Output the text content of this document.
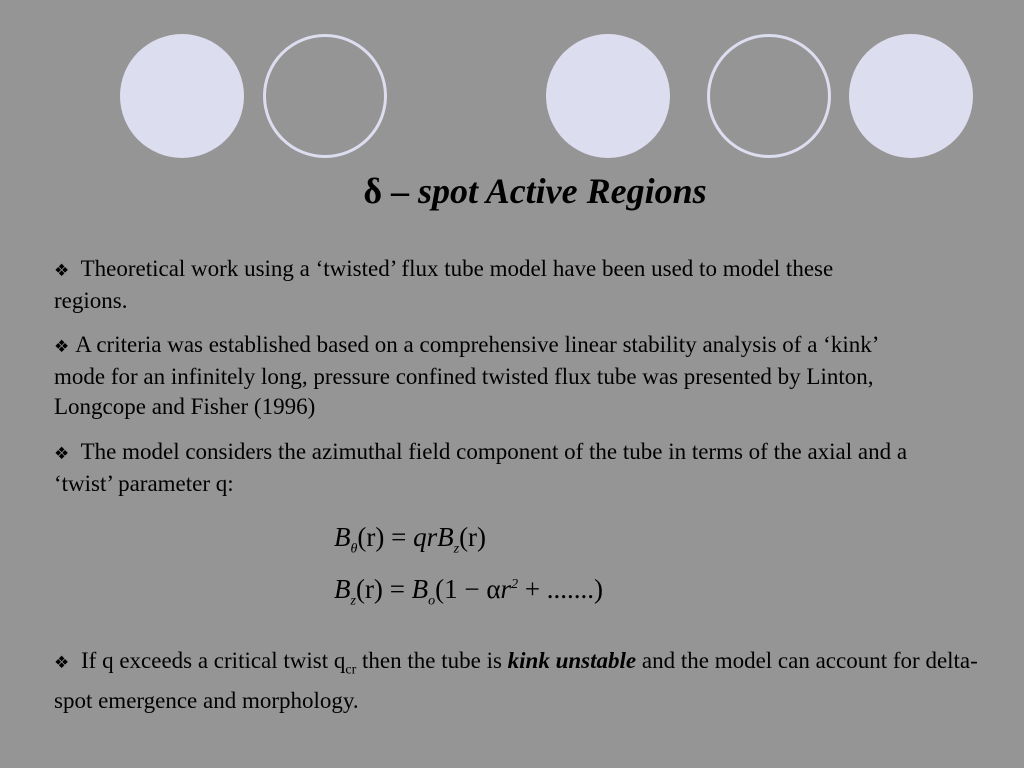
δ – spot Active Regions
❖ Theoretical work using a ‘twisted’ flux tube model have been used to model these regions.
❖ A criteria was established based on a comprehensive linear stability analysis of a ‘kink’ mode for an infinitely long, pressure confined twisted flux tube was presented by Linton, Longcope and Fisher (1996)
❖ The model considers the azimuthal field component of the tube in terms of the axial and a ‘twist’ parameter q:
$B_\theta(r) = qrB_z(r)$
$B_z(r) = B_o(1 - \alpha r^2$ + .......)
❖ If q exceeds a critical twist $q_{cr}$ then the tube is kink unstable and the model can account for delta-spot emergence and morphology.
